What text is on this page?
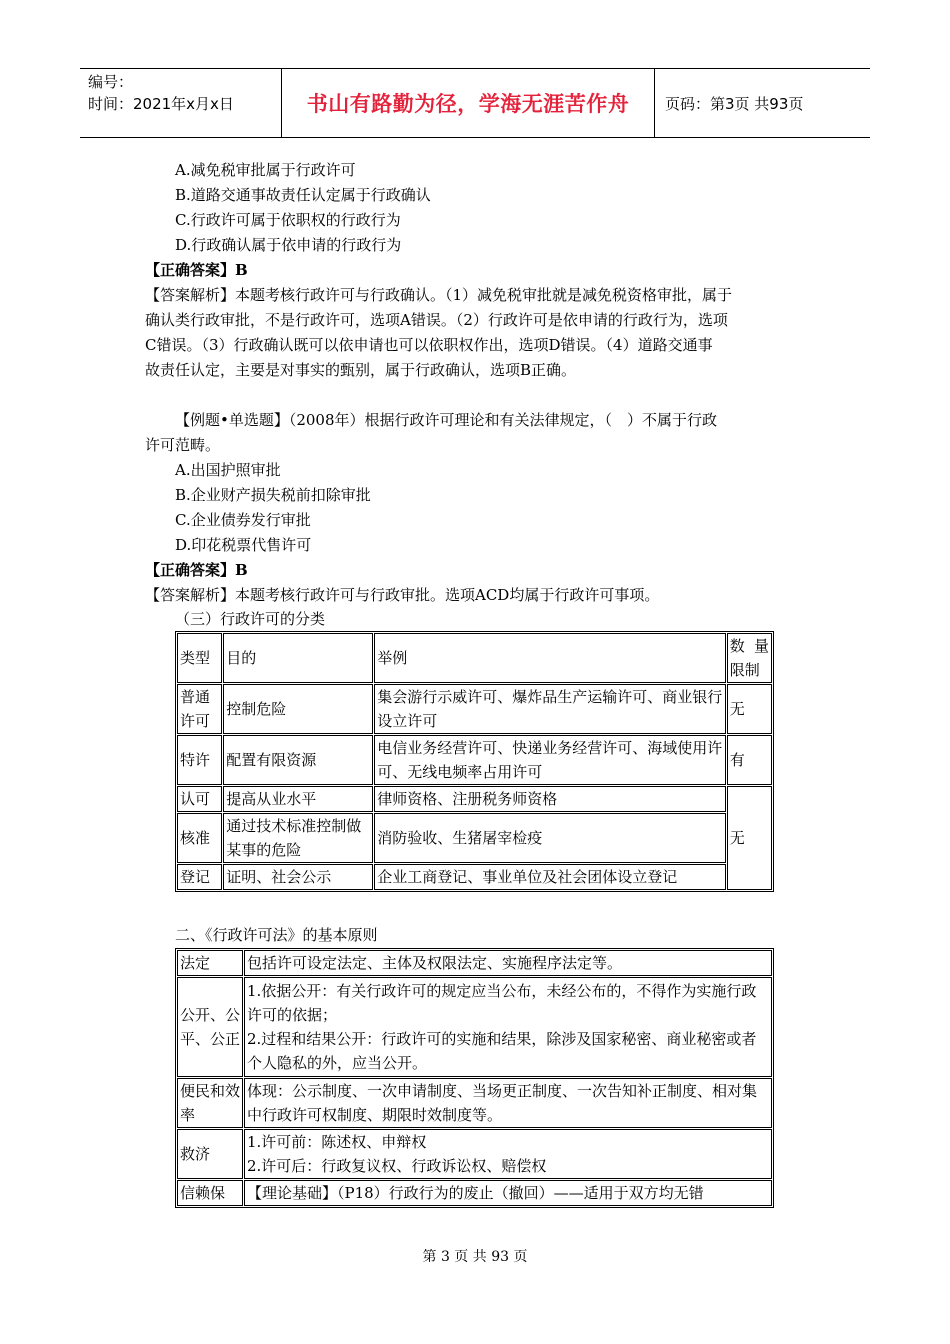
编号：
时间：2021年x月x日	书山有路勤为径，学海无涯苦作舟	页码：第3页 共93页
A.减免税审批属于行政许可
B.道路交通事故责任认定属于行政确认
C.行政许可属于依职权的行政行为
D.行政确认属于依申请的行政行为
【正确答案】B
【答案解析】本题考核行政许可与行政确认。（1）减免税审批就是减免税资格审批，属于
确认类行政审批，不是行政许可，选项A错误。（2）行政许可是依申请的行政行为，选项
C错误。（3）行政确认既可以依申请也可以依职权作出，选项D错误。（4）道路交通事
故责任认定，主要是对事实的甄别，属于行政确认，选项B正确。
【例题•单选题】（2008年）根据行政许可理论和有关法律规定，（　）不属于行政
许可范畴。
A.出国护照审批
B.企业财产损失税前扣除审批
C.企业债券发行审批
D.印花税票代售许可
【正确答案】B
【答案解析】本题考核行政许可与行政审批。选项ACD均属于行政许可事项。
（三）行政许可的分类
类型	目的	举例	数量限制
普通许可	控制危险	集会游行示威许可、爆炸品生产运输许可、商业银行设立许可	无
特许	配置有限资源	电信业务经营许可、快递业务经营许可、海域使用许可、无线电频率占用许可	有
认可	提高从业水平	律师资格、注册税务师资格	无
核准	通过技术标准控制做某事的危险	消防验收、生猪屠宰检疫	
登记	证明、社会公示	企业工商登记、事业单位及社会团体设立登记	
二、《行政许可法》的基本原则
法定	包括许可设定法定、主体及权限法定、实施程序法定等。
公开、公平、公正	1.依据公开：有关行政许可的规定应当公布，未经公布的，不得作为实施行政许可的依据；
2.过程和结果公开：行政许可的实施和结果，除涉及国家秘密、商业秘密或者个人隐私的外，应当公开。

便民和效率	体现：公示制度、一次申请制度、当场更正制度、一次告知补正制度、相对集中行政许可权制度、期限时效制度等。
救济	1.许可前：陈述权、申辩权
2.许可后：行政复议权、行政诉讼权、赔偿权

信赖保	【理论基础】（P18）行政行为的废止（撤回）——适用于双方均无错
第 3 页 共 93 页
